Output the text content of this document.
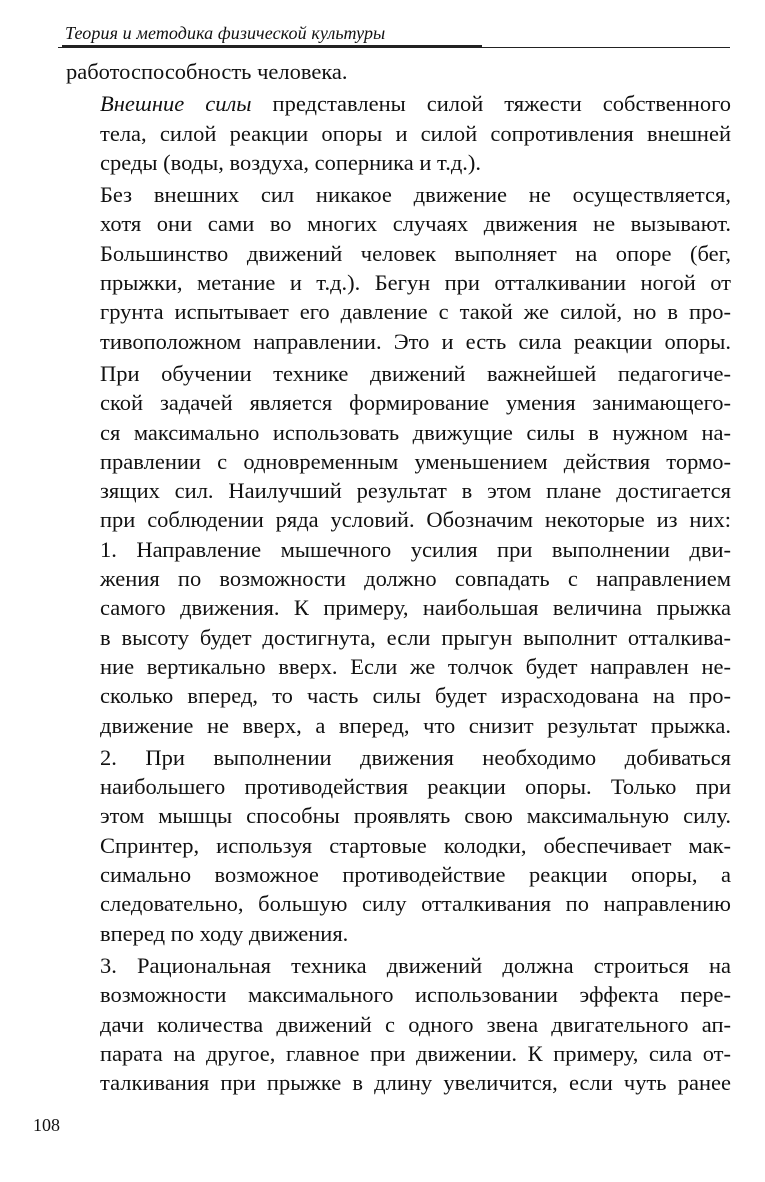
Теория и методика физической культуры

работоспособность человека.

Внешние силы представлены силой тяжести собственного
тела, силой реакции опоры и силой сопротивления внешней
среды (воды, воздуха, соперника и т.д.).

Без внешних сил никакое движение не осуществляется,
хотя они сами во многих случаях движения не вызывают.
Большинство движений человек выполняет на опоре (бег,
прыжки, метание и т.д.). Бегун при отталкивании ногой от
грунта испытывает его давление с такой же силой, но в про-
тивоположном направлении. Это и есть сила реакции опоры.

При обучении технике движений важнейшей педагогиче-
ской задачей является формирование умения занимающего-
ся максимально использовать движущие силы в нужном на-
правлении с одновременным уменьшением действия тормо-
зящих сил. Наилучший результат в этом плане достигается
при соблюдении ряда условий. Обозначим некоторые из них:

1. Направление мышечного усилия при выполнении дви-
жения по возможности должно совпадать с направлением
самого движения. К примеру, наибольшая величина прыжка
в высоту будет достигнута, если прыгун выполнит отталкива-
ние вертикально вверх. Если же толчок будет направлен не-
сколько вперед, то часть силы будет израсходована на про-
движение не вверх, а вперед, что снизит результат прыжка.

2. При выполнении движения необходимо добиваться
наибольшего противодействия реакции опоры. Только при
этом мышцы способны проявлять свою максимальную силу.
Спринтер, используя стартовые колодки, обеспечивает мак-
симально возможное противодействие реакции опоры, а
следовательно, большую силу отталкивания по направлению
вперед по ходу движения.

3. Рациональная техника движений должна строиться на
возможности максимального использовании эффекта пере-
дачи количества движений с одного звена двигательного ап-
парата на другое, главное при движении. К примеру, сила от-
талкивания при прыжке в длину увеличится, если чуть ранее

108
